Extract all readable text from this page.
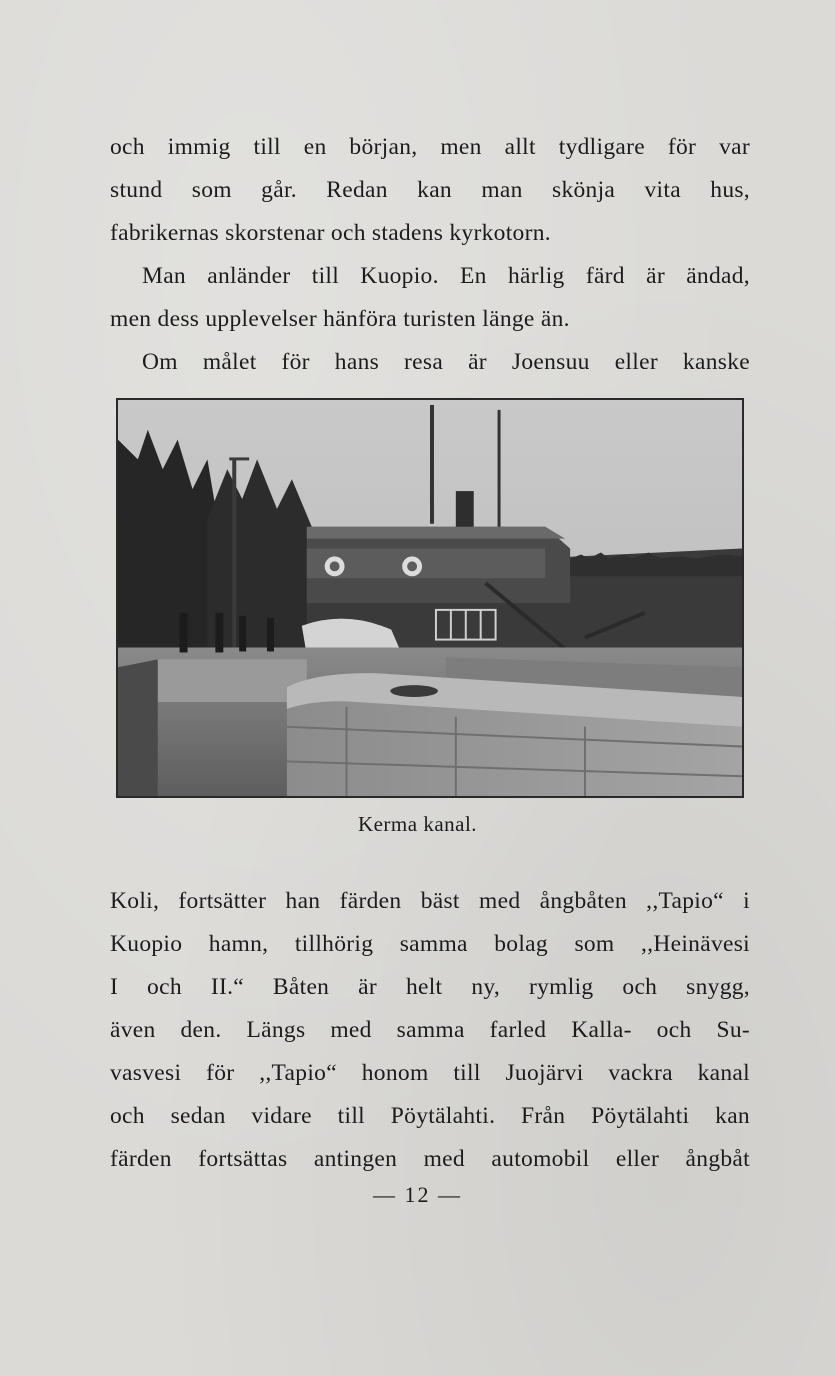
och immig till en början, men allt tydligare för var
stund som går. Redan kan man skönja vita hus,
fabrikernas skorstenar och stadens kyrkotorn.
Man anländer till Kuopio. En härlig färd är ändad,
men dess upplevelser hänföra turisten länge än.
Om målet för hans resa är Joensuu eller kanske
Kerma kanal.
Koli, fortsätter han färden bäst med ångbåten ,,Tapio“ i
Kuopio hamn, tillhörig samma bolag som ,,Heinävesi
I och II.“ Båten är helt ny, rymlig och snygg,
även den. Längs med samma farled Kalla- och Su-
vasvesi för ,,Tapio“ honom till Juojärvi vackra kanal
och sedan vidare till Pöytälahti. Från Pöytälahti kan
färden fortsättas antingen med automobil eller ångbåt
— 12 —
